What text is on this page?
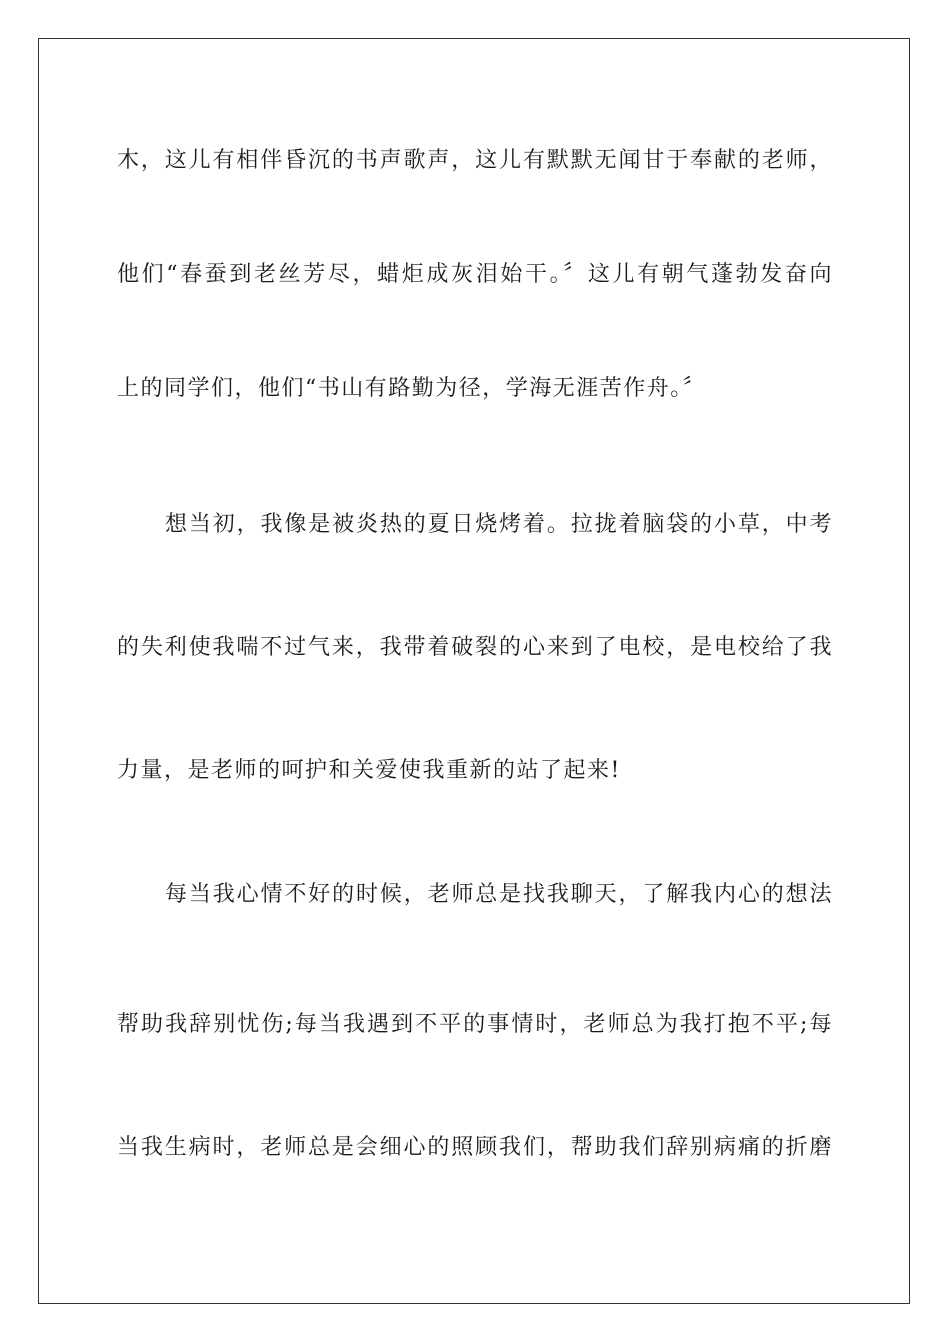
木，这儿有相伴昏沉的书声歌声，这儿有默默无闻甘于奉献的老师，
他们“春蚕到老丝芳尽，蜡炬成灰泪始干。〞这儿有朝气蓬勃发奋向
上的同学们，他们“书山有路勤为径，学海无涯苦作舟。〞
想当初，我像是被炎热的夏日烧烤着。拉拢着脑袋的小草，中考
的失利使我喘不过气来，我带着破裂的心来到了电校，是电校给了我
力量，是老师的呵护和关爱使我重新的站了起来!
每当我心情不好的时候，老师总是找我聊天，了解我内心的想法
帮助我辞别忧伤;每当我遇到不平的事情时，老师总为我打抱不平;每
当我生病时，老师总是会细心的照顾我们，帮助我们辞别病痛的折磨
